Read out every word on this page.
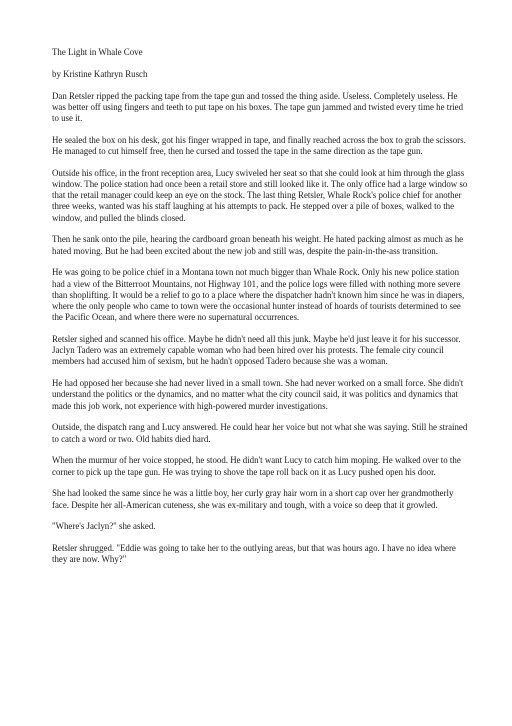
The Light in Whale Cove

by Kristine Kathryn Rusch

Dan Retsler ripped the packing tape from the tape gun and tossed the thing aside. Useless. Completely useless. He was better off using fingers and teeth to put tape on his boxes. The tape gun jammed and twisted every time he tried to use it.

He sealed the box on his desk, got his finger wrapped in tape, and finally reached across the box to grab the scissors. He managed to cut himself free, then he cursed and tossed the tape in the same direction as the tape gun.

Outside his office, in the front reception area, Lucy swiveled her seat so that she could look at him through the glass window. The police station had once been a retail store and still looked like it. The only office had a large window so that the retail manager could keep an eye on the stock. The last thing Retsler, Whale Rock's police chief for another three weeks, wanted was his staff laughing at his attempts to pack. He stepped over a pile of boxes, walked to the window, and pulled the blinds closed.

Then he sank onto the pile, hearing the cardboard groan beneath his weight. He hated packing almost as much as he hated moving. But he had been excited about the new job and still was, despite the pain-in-the-ass transition.

He was going to be police chief in a Montana town not much bigger than Whale Rock. Only his new police station had a view of the Bitterroot Mountains, not Highway 101, and the police logs were filled with nothing more severe than shoplifting. It would be a relief to go to a place where the dispatcher hadn't known him since he was in diapers, where the only people who came to town were the occasional hunter instead of hoards of tourists determined to see the Pacific Ocean, and where there were no supernatural occurrences.

Retsler sighed and scanned his office. Maybe he didn't need all this junk. Maybe he'd just leave it for his successor. Jaclyn Tadero was an extremely capable woman who had been hired over his protests. The female city council members had accused him of sexism, but he hadn't opposed Tadero because she was a woman.

He had opposed her because she had never lived in a small town. She had never worked on a small force. She didn't understand the politics or the dynamics, and no matter what the city council said, it was politics and dynamics that made this job work, not experience with high-powered murder investigations.

Outside, the dispatch rang and Lucy answered. He could hear her voice but not what she was saying. Still he strained to catch a word or two. Old habits died hard.

When the murmur of her voice stopped, he stood. He didn't want Lucy to catch him moping. He walked over to the corner to pick up the tape gun. He was trying to shove the tape roll back on it as Lucy pushed open his door.

She had looked the same since he was a little boy, her curly gray hair worn in a short cap over her grandmotherly face. Despite her all-American cuteness, she was ex-military and tough, with a voice so deep that it growled.

"Where's Jaclyn?" she asked.

Retsler shrugged. "Eddie was going to take her to the outlying areas, but that was hours ago. I have no idea where they are now. Why?"
